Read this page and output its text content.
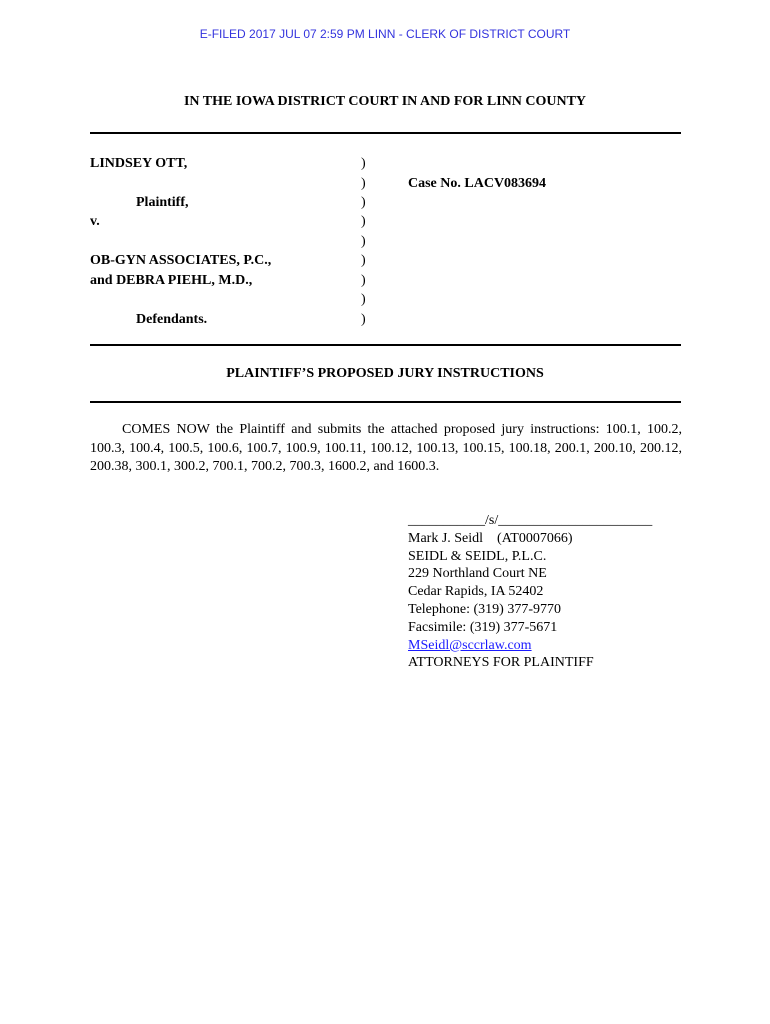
E-FILED 2017 JUL 07 2:59 PM LINN - CLERK OF DISTRICT COURT
IN THE IOWA DISTRICT COURT IN AND FOR LINN COUNTY
LINDSEY OTT,
Plaintiff,
v.
OB-GYN ASSOCIATES, P.C.,
and DEBRA PIEHL, M.D.,
Defendants.
Case No. LACV083694
)
)
)
)
)
)
)
)
)
PLAINTIFF’S PROPOSED JURY INSTRUCTIONS
COMES NOW the Plaintiff and submits the attached proposed jury instructions: 100.1, 100.2, 100.3, 100.4, 100.5, 100.6, 100.7, 100.9, 100.11, 100.12, 100.13, 100.15, 100.18, 200.1, 200.10, 200.12, 200.38, 300.1, 300.2, 700.1, 700.2, 700.3, 1600.2, and 1600.3.
___________/s/______________________
Mark J. Seidl    (AT0007066)
SEIDL & SEIDL, P.L.C.
229 Northland Court NE
Cedar Rapids, IA 52402
Telephone: (319) 377-9770
Facsimile: (319) 377-5671
MSeidl@sccrlaw.com
ATTORNEYS FOR PLAINTIFF
